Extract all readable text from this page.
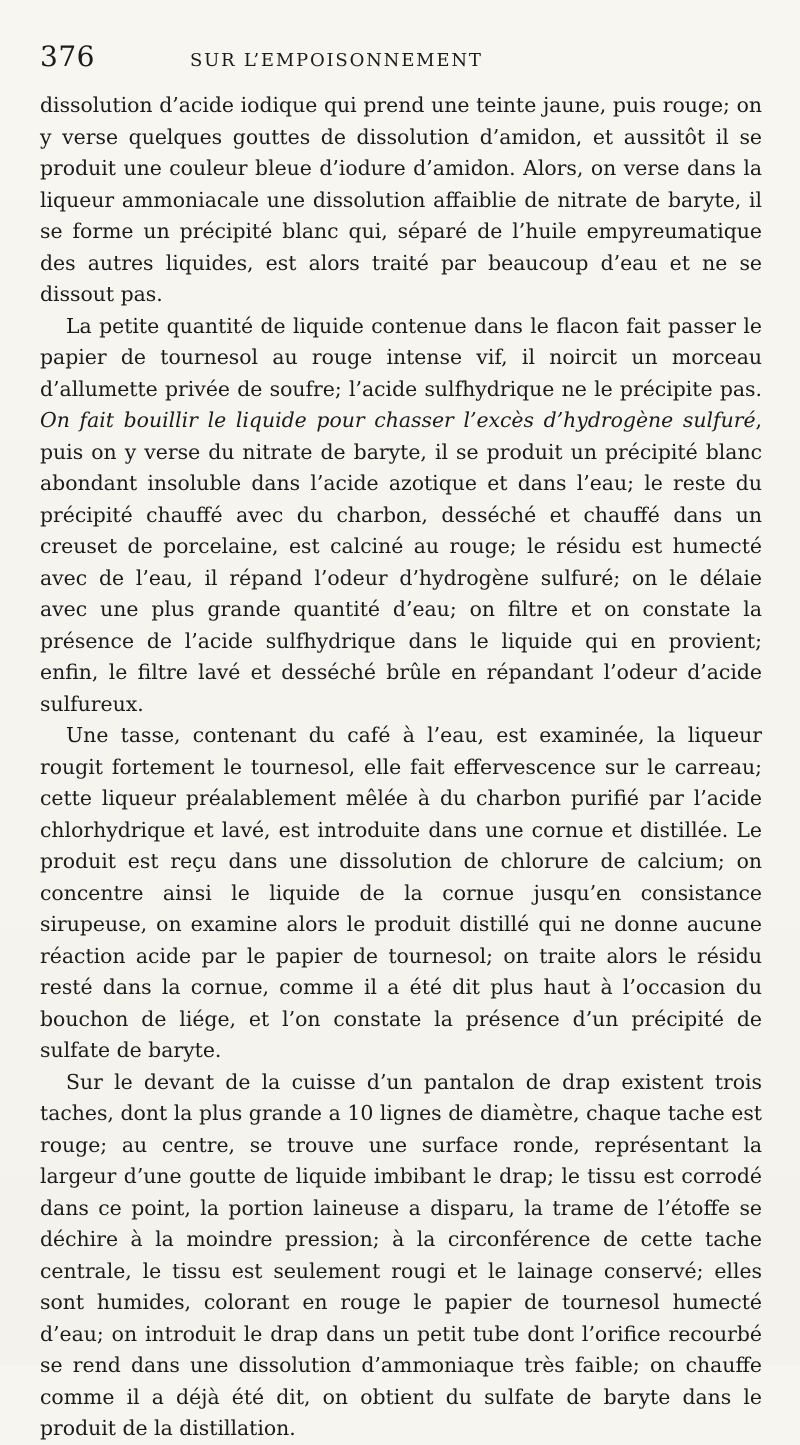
376	SUR L’EMPOISONNEMENT

dissolution d’acide iodique qui prend une teinte jaune, puis rouge; on y verse quelques gouttes de dissolution d’amidon, et aussitôt il se produit une couleur bleue d’iodure d’amidon. Alors, on verse dans la liqueur ammoniacale une dissolution affaiblie de nitrate de baryte, il se forme un précipité blanc qui, séparé de l’huile empyreumatique des autres liquides, est alors traité par beaucoup d’eau et ne se dissout pas.

La petite quantité de liquide contenue dans le flacon fait passer le papier de tournesol au rouge intense vif, il noircit un morceau d’allumette privée de soufre; l’acide sulfhydrique ne le précipite pas. On fait bouillir le liquide pour chasser l’excès d’hydrogène sulfuré, puis on y verse du nitrate de baryte, il se produit un précipité blanc abondant insoluble dans l’acide azotique et dans l’eau; le reste du précipité chauffé avec du charbon, desséché et chauffé dans un creuset de porcelaine, est calciné au rouge; le résidu est humecté avec de l’eau, il répand l’odeur d’hydrogène sulfuré; on le délaie avec une plus grande quantité d’eau; on filtre et on constate la présence de l’acide sulfhydrique dans le liquide qui en provient; enfin, le filtre lavé et desséché brûle en répandant l’odeur d’acide sulfureux.

Une tasse, contenant du café à l’eau, est examinée, la liqueur rougit fortement le tournesol, elle fait effervescence sur le carreau; cette liqueur préalablement mêlée à du charbon purifié par l’acide chlorhydrique et lavé, est introduite dans une cornue et distillée. Le produit est reçu dans une dissolution de chlorure de calcium; on concentre ainsi le liquide de la cornue jusqu’en consistance sirupeuse, on examine alors le produit distillé qui ne donne aucune réaction acide par le papier de tournesol; on traite alors le résidu resté dans la cornue, comme il a été dit plus haut à l’occasion du bouchon de liége, et l’on constate la présence d’un précipité de sulfate de baryte.

Sur le devant de la cuisse d’un pantalon de drap existent trois taches, dont la plus grande a 10 lignes de diamètre, chaque tache est rouge; au centre, se trouve une surface ronde, représentant la largeur d’une goutte de liquide imbibant le drap; le tissu est corrodé dans ce point, la portion laineuse a disparu, la trame de l’étoffe se déchire à la moindre pression; à la circonférence de cette tache centrale, le tissu est seulement rougi et le lainage conservé; elles sont humides, colorant en rouge le papier de tournesol humecté d’eau; on introduit le drap dans un petit tube dont l’orifice recourbé se rend dans une dissolution d’ammoniaque très faible; on chauffe comme il a déjà été dit, on obtient du sulfate de baryte dans le produit de la distillation.
